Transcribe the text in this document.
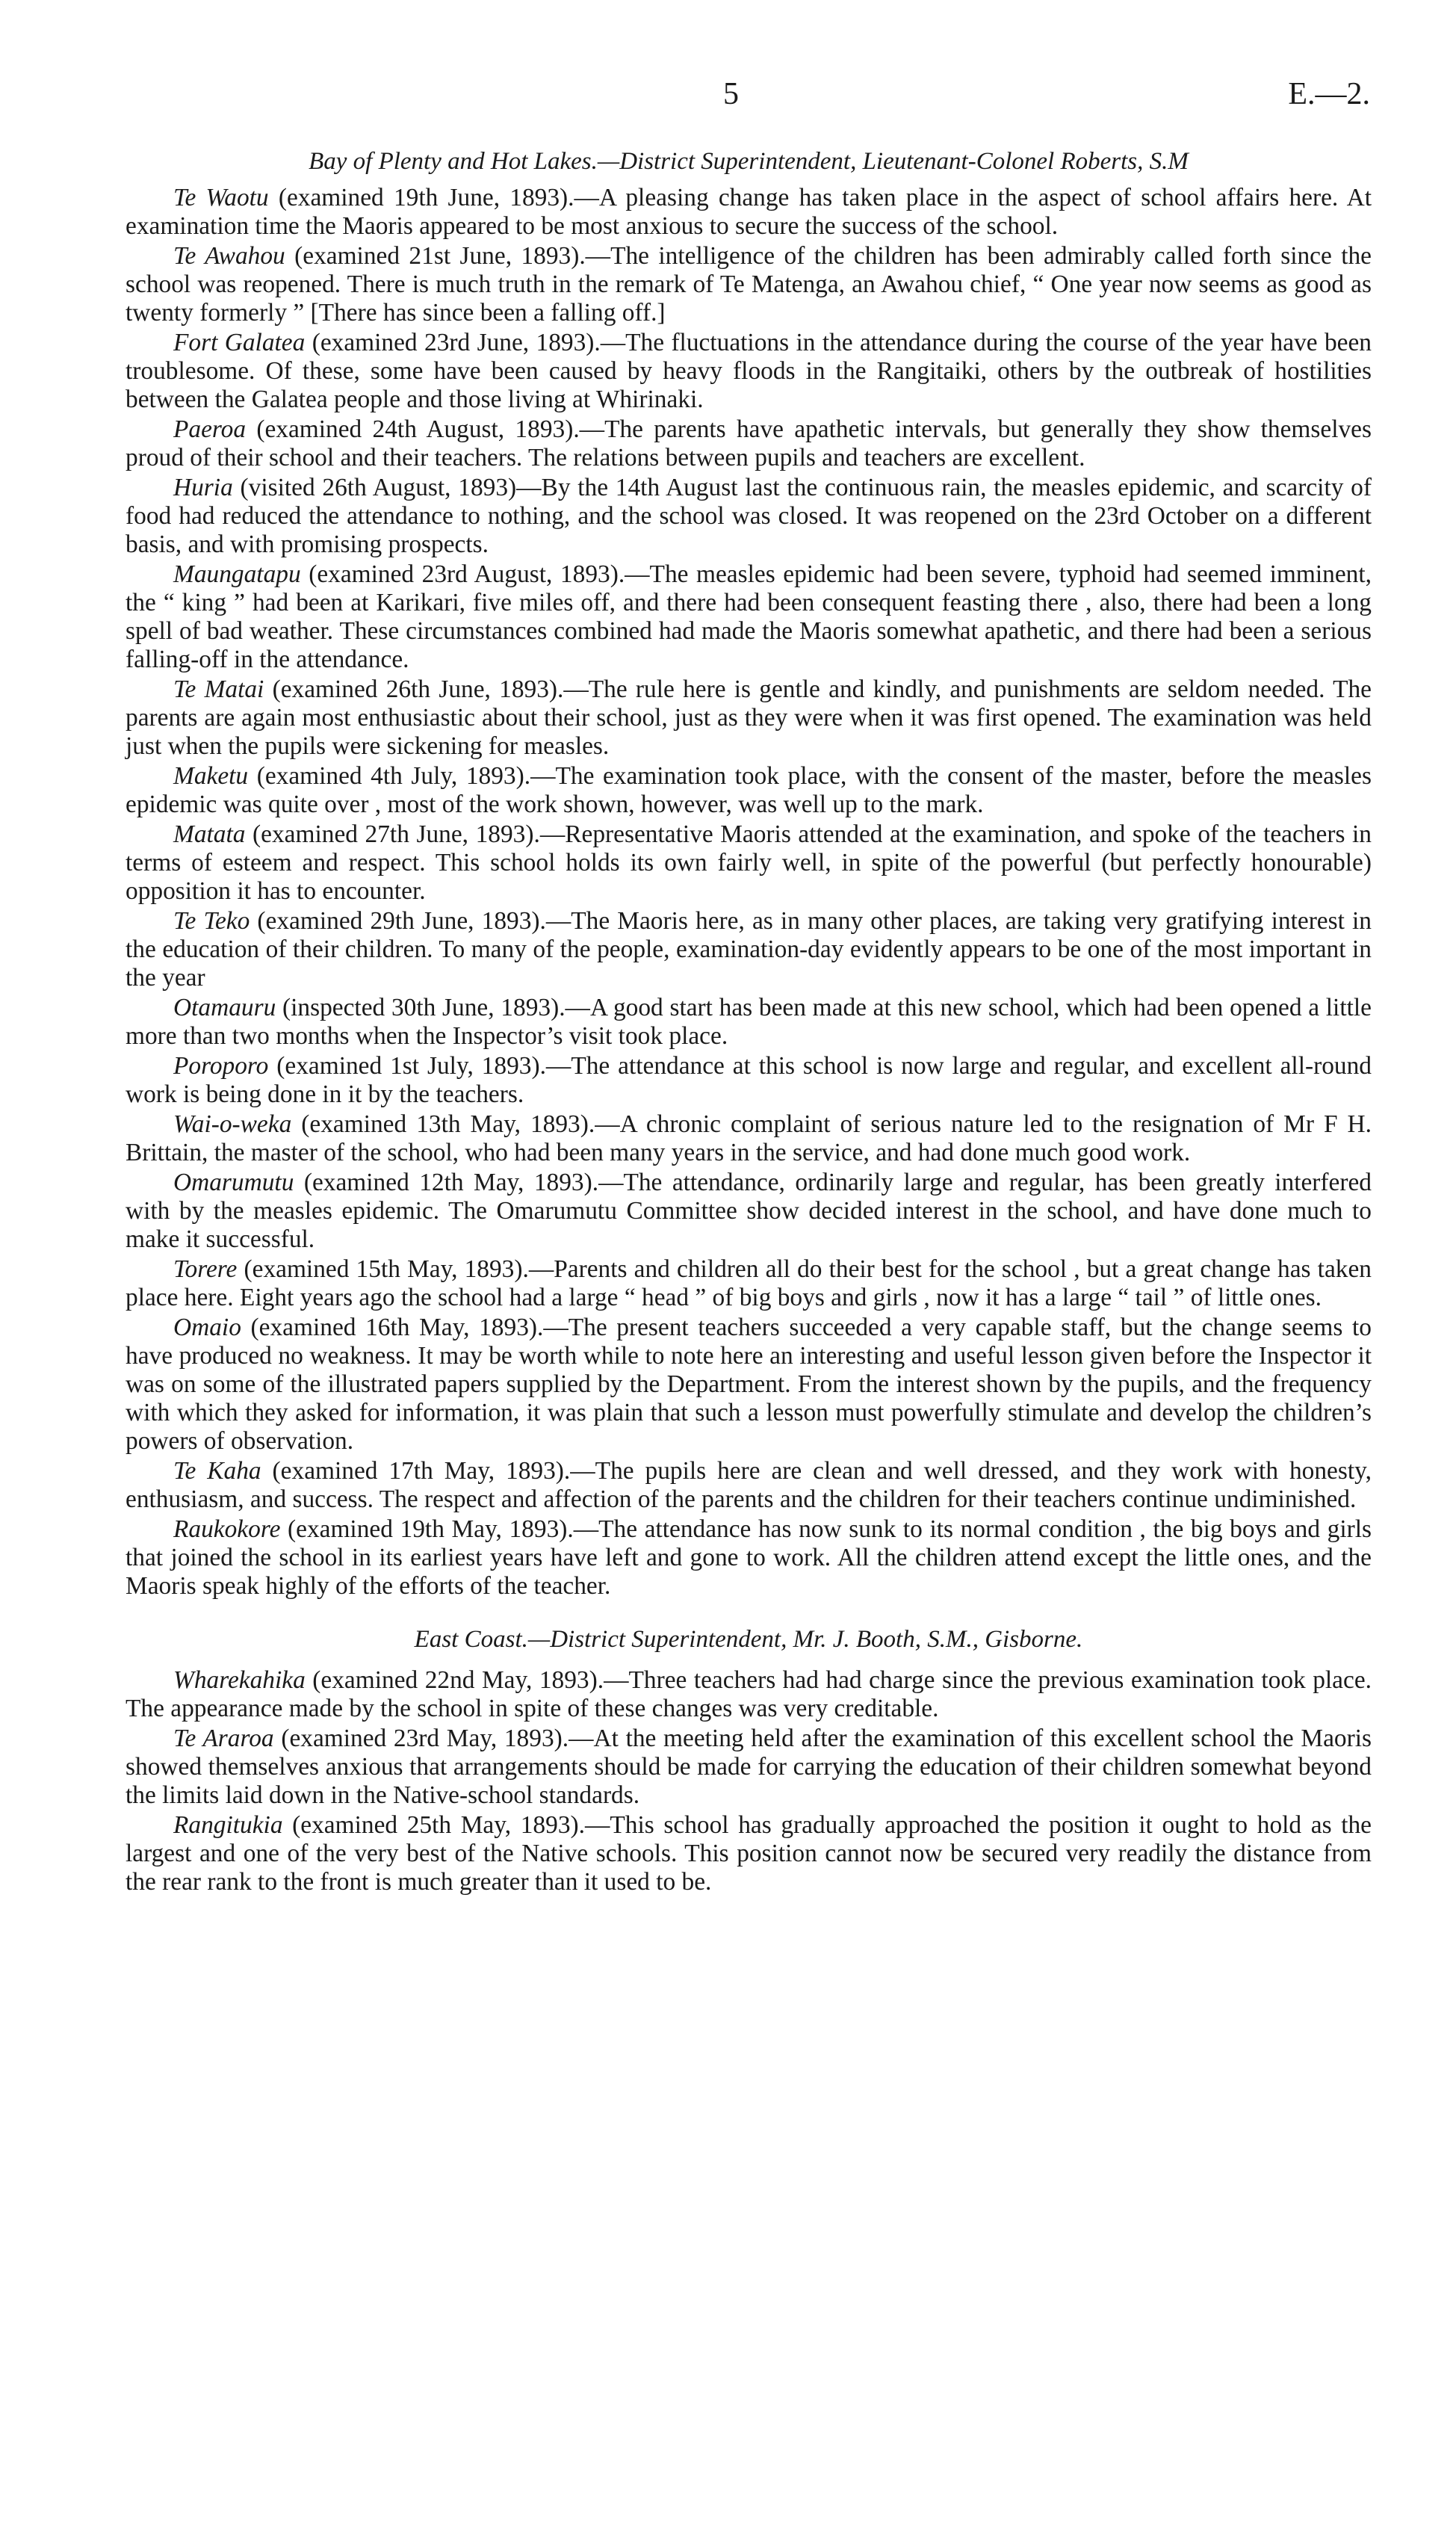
5	E.—2.

Bay of Plenty and Hot Lakes.—District Superintendent, Lieutenant-Colonel Roberts, S.M

Te Waotu (examined 19th June, 1893).—A pleasing change has taken place in the aspect of school affairs here. At examination time the Maoris appeared to be most anxious to secure the success of the school.

Te Awahou (examined 21st June, 1893).—The intelligence of the children has been admirably called forth since the school was reopened. There is much truth in the remark of Te Matenga, an Awahou chief, “ One year now seems as good as twenty formerly ” [There has since been a falling off.]

Fort Galatea (examined 23rd June, 1893).—The fluctuations in the attendance during the course of the year have been troublesome. Of these, some have been caused by heavy floods in the Rangitaiki, others by the outbreak of hostilities between the Galatea people and those living at Whirinaki.

Paeroa (examined 24th August, 1893).—The parents have apathetic intervals, but generally they show themselves proud of their school and their teachers. The relations between pupils and teachers are excellent.

Huria (visited 26th August, 1893)—By the 14th August last the continuous rain, the measles epidemic, and scarcity of food had reduced the attendance to nothing, and the school was closed. It was reopened on the 23rd October on a different basis, and with promising prospects.

Maungatapu (examined 23rd August, 1893).—The measles epidemic had been severe, typhoid had seemed imminent, the “ king ” had been at Karikari, five miles off, and there had been consequent feasting there , also, there had been a long spell of bad weather. These circumstances combined had made the Maoris somewhat apathetic, and there had been a serious falling-off in the attendance.

Te Matai (examined 26th June, 1893).—The rule here is gentle and kindly, and punishments are seldom needed. The parents are again most enthusiastic about their school, just as they were when it was first opened. The examination was held just when the pupils were sickening for measles.

Maketu (examined 4th July, 1893).—The examination took place, with the consent of the master, before the measles epidemic was quite over , most of the work shown, however, was well up to the mark.

Matata (examined 27th June, 1893).—Representative Maoris attended at the examination, and spoke of the teachers in terms of esteem and respect. This school holds its own fairly well, in spite of the powerful (but perfectly honourable) opposition it has to encounter.

Te Teko (examined 29th June, 1893).—The Maoris here, as in many other places, are taking very gratifying interest in the education of their children. To many of the people, examination-day evidently appears to be one of the most important in the year

Otamauru (inspected 30th June, 1893).—A good start has been made at this new school, which had been opened a little more than two months when the Inspector’s visit took place.

Poroporo (examined 1st July, 1893).—The attendance at this school is now large and regular, and excellent all-round work is being done in it by the teachers.

Wai-o-weka (examined 13th May, 1893).—A chronic complaint of serious nature led to the resignation of Mr F H. Brittain, the master of the school, who had been many years in the service, and had done much good work.

Omarumutu (examined 12th May, 1893).—The attendance, ordinarily large and regular, has been greatly interfered with by the measles epidemic. The Omarumutu Committee show decided interest in the school, and have done much to make it successful.

Torere (examined 15th May, 1893).—Parents and children all do their best for the school , but a great change has taken place here. Eight years ago the school had a large “ head ” of big boys and girls , now it has a large “ tail ” of little ones.

Omaio (examined 16th May, 1893).—The present teachers succeeded a very capable staff, but the change seems to have produced no weakness. It may be worth while to note here an interesting and useful lesson given before the Inspector it was on some of the illustrated papers supplied by the Department. From the interest shown by the pupils, and the frequency with which they asked for information, it was plain that such a lesson must powerfully stimulate and develop the children’s powers of observation.

Te Kaha (examined 17th May, 1893).—The pupils here are clean and well dressed, and they work with honesty, enthusiasm, and success. The respect and affection of the parents and the children for their teachers continue undiminished.

Raukokore (examined 19th May, 1893).—The attendance has now sunk to its normal condition , the big boys and girls that joined the school in its earliest years have left and gone to work. All the children attend except the little ones, and the Maoris speak highly of the efforts of the teacher.

East Coast.—District Superintendent, Mr. J. Booth, S.M., Gisborne.

Wharekahika (examined 22nd May, 1893).—Three teachers had had charge since the previous examination took place. The appearance made by the school in spite of these changes was very creditable.

Te Araroa (examined 23rd May, 1893).—At the meeting held after the examination of this excellent school the Maoris showed themselves anxious that arrangements should be made for carrying the education of their children somewhat beyond the limits laid down in the Native-school standards.

Rangitukia (examined 25th May, 1893).—This school has gradually approached the position it ought to hold as the largest and one of the very best of the Native schools. This position cannot now be secured very readily the distance from the rear rank to the front is much greater than it used to be.
